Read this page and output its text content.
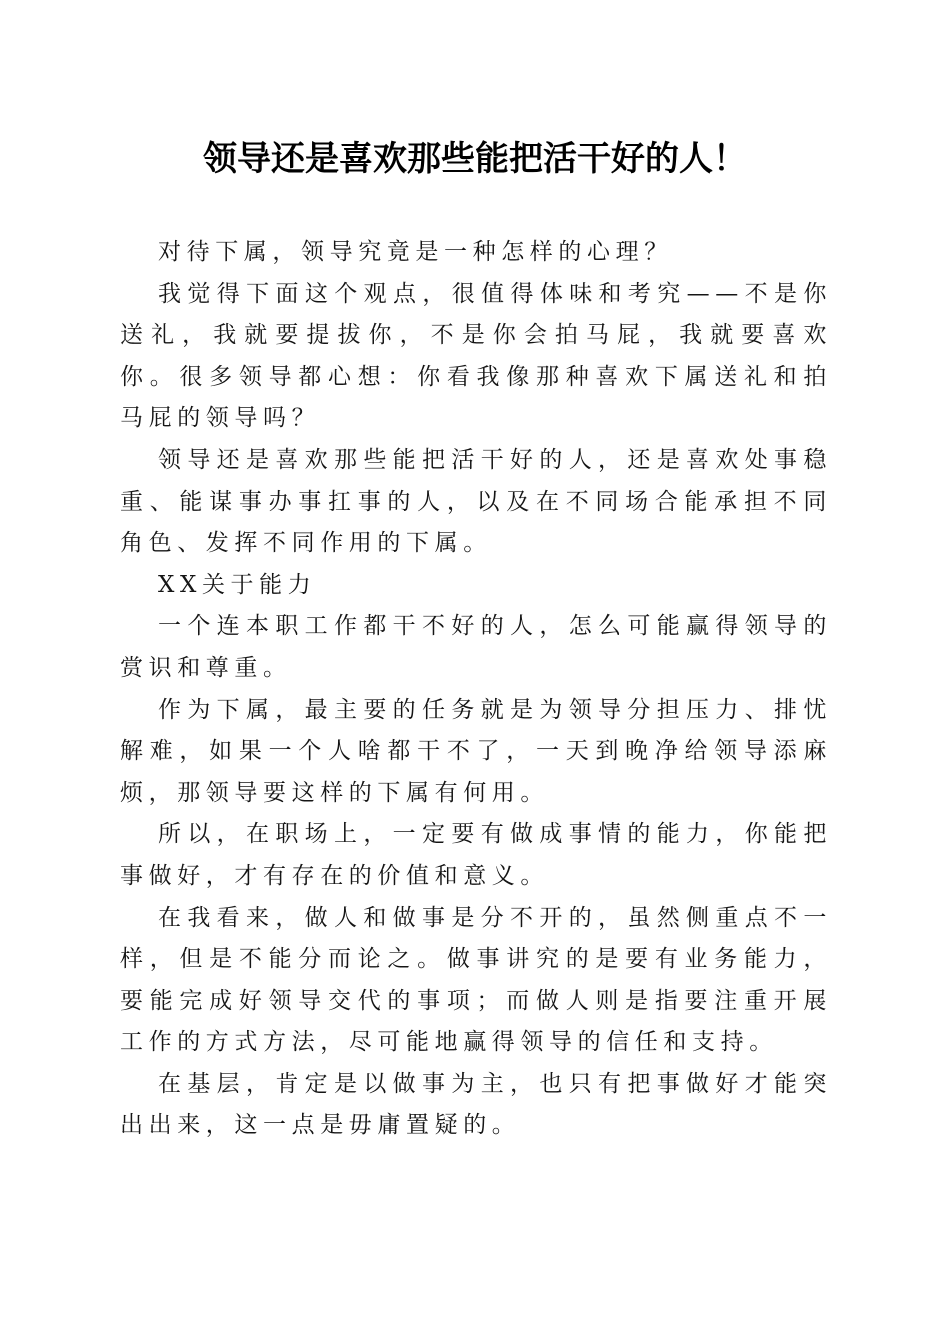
领导还是喜欢那些能把活干好的人！

对待下属，领导究竟是一种怎样的心理？

我觉得下面这个观点，很值得体味和考究——不是你送礼，我就要提拔你，不是你会拍马屁，我就要喜欢你。很多领导都心想：你看我像那种喜欢下属送礼和拍马屁的领导吗？

领导还是喜欢那些能把活干好的人，还是喜欢处事稳重、能谋事办事扛事的人，以及在不同场合能承担不同角色、发挥不同作用的下属。

XX关于能力

一个连本职工作都干不好的人，怎么可能赢得领导的赏识和尊重。

作为下属，最主要的任务就是为领导分担压力、排忧解难，如果一个人啥都干不了，一天到晚净给领导添麻烦，那领导要这样的下属有何用。

所以，在职场上，一定要有做成事情的能力，你能把事做好，才有存在的价值和意义。

在我看来，做人和做事是分不开的，虽然侧重点不一样，但是不能分而论之。做事讲究的是要有业务能力，要能完成好领导交代的事项；而做人则是指要注重开展工作的方式方法，尽可能地赢得领导的信任和支持。

在基层，肯定是以做事为主，也只有把事做好才能突出出来，这一点是毋庸置疑的。
